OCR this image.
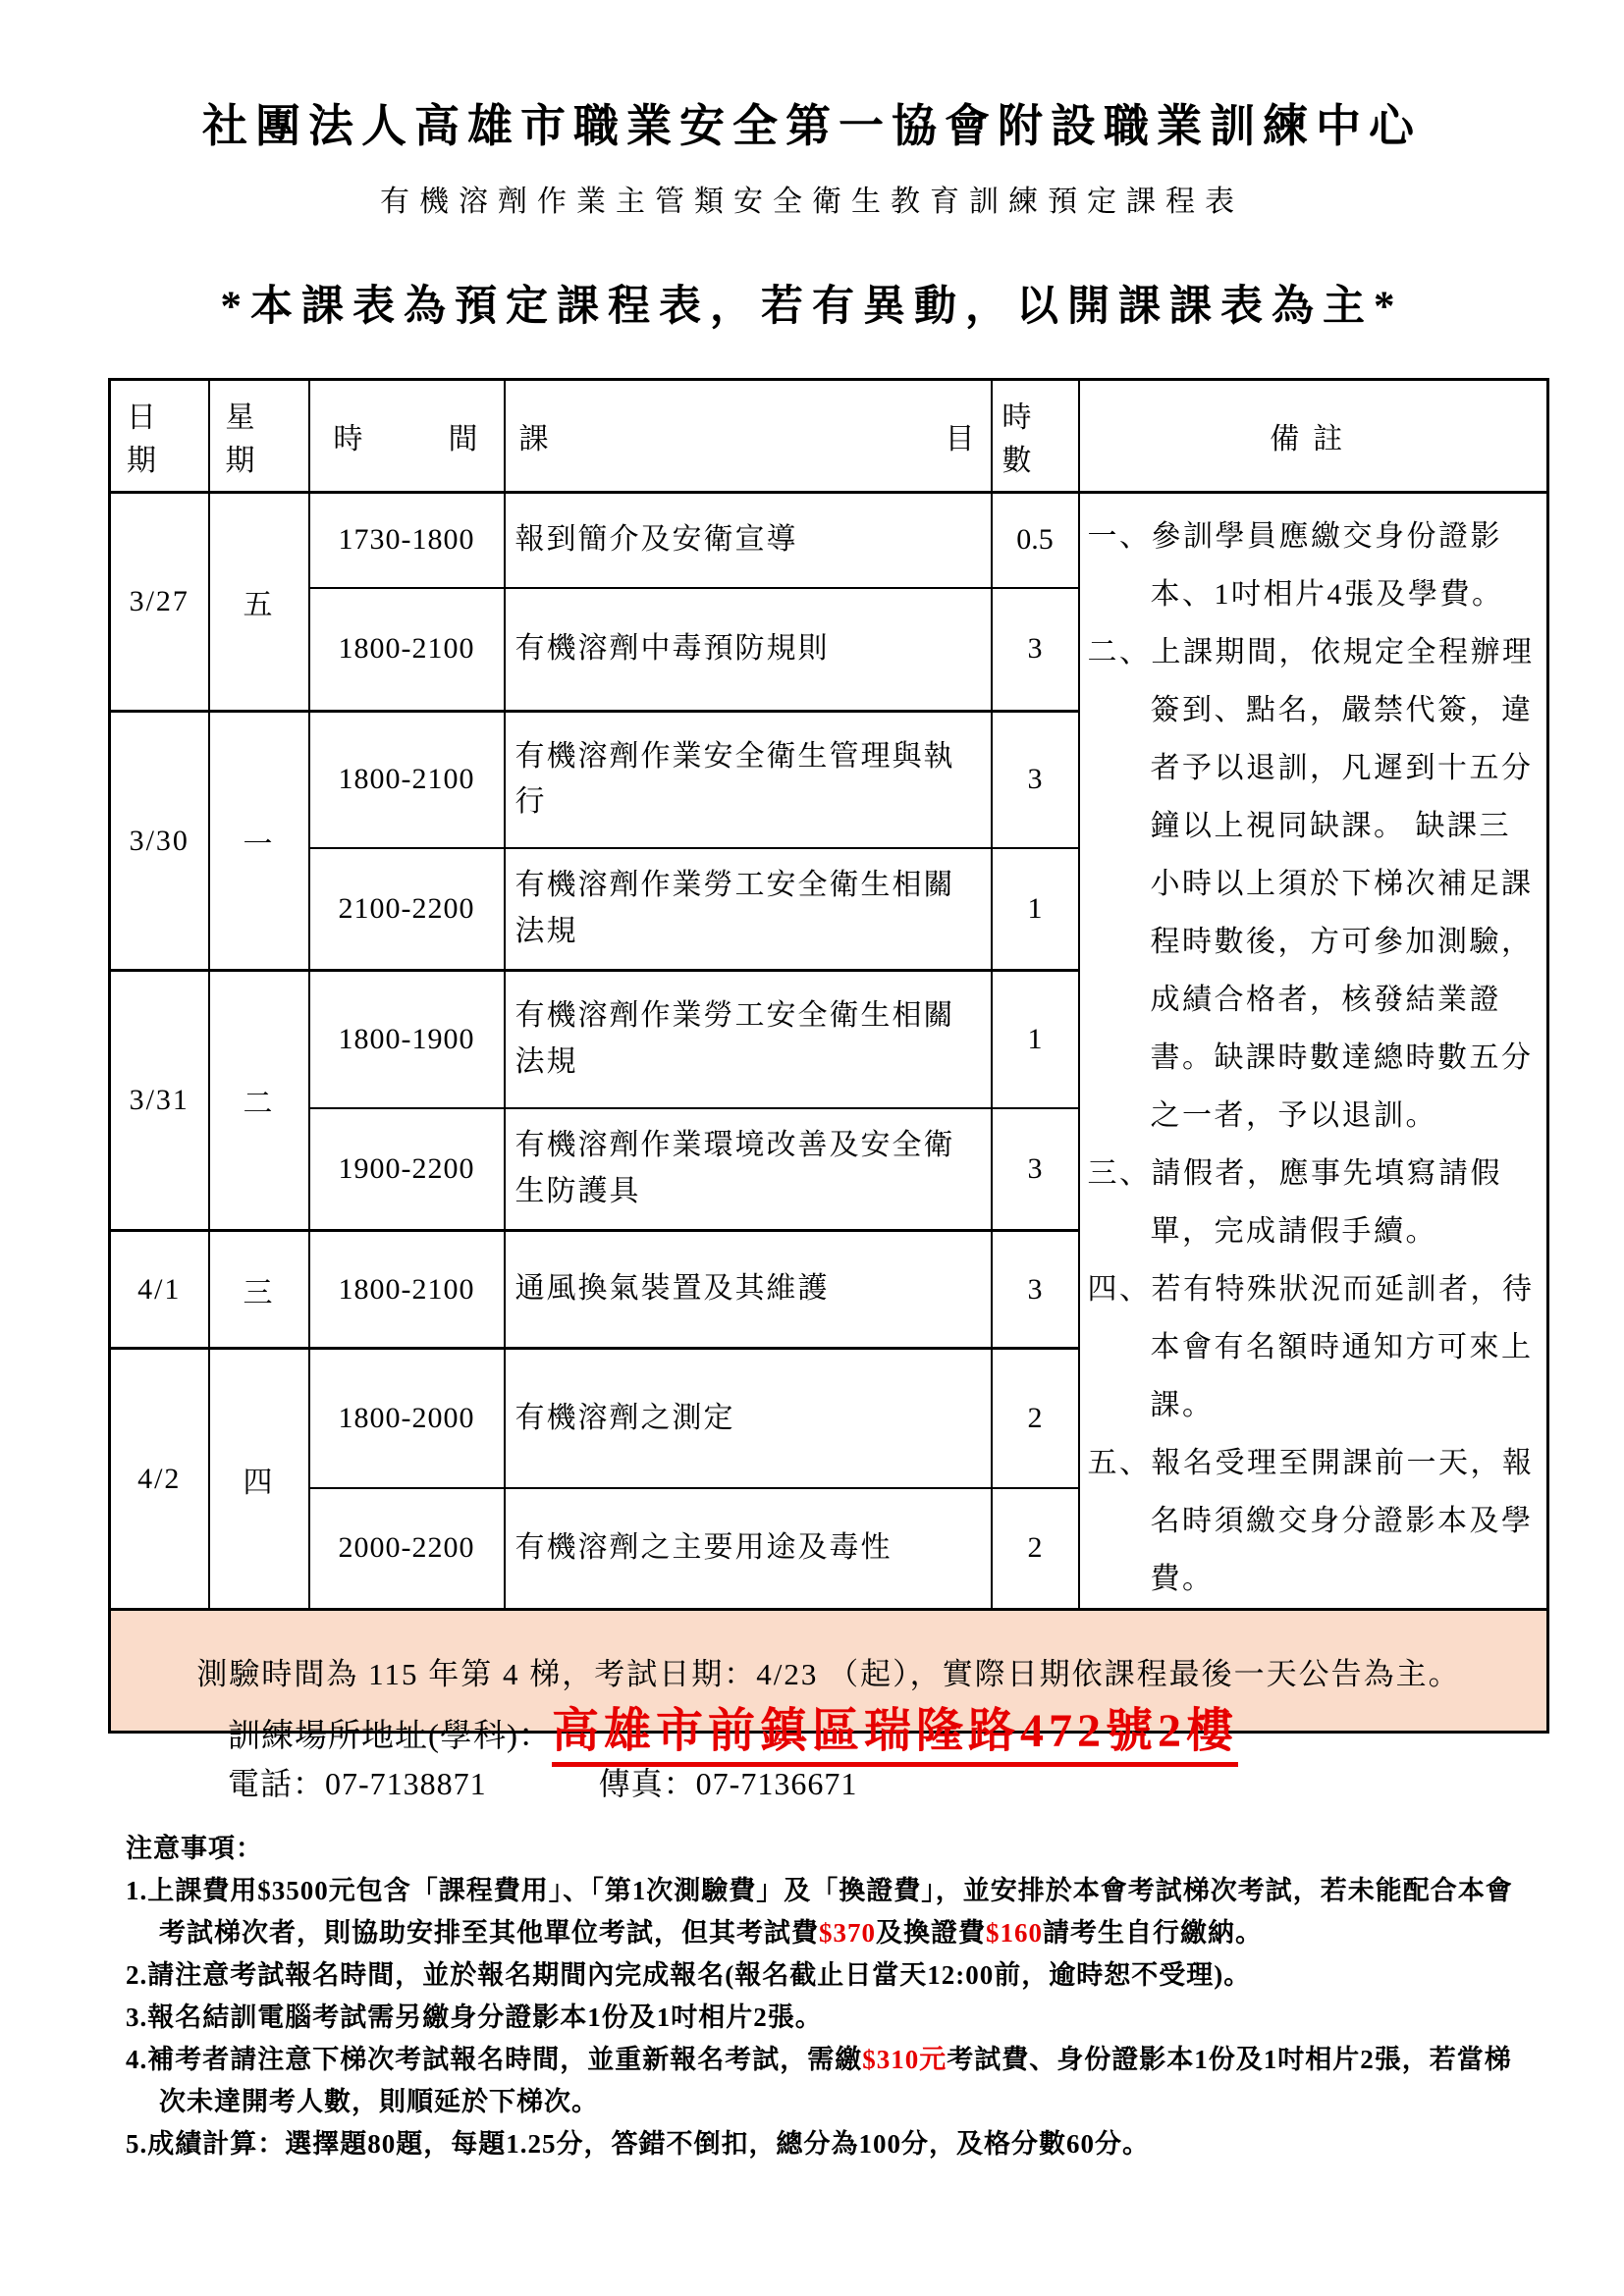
社團法人高雄市職業安全第一協會附設職業訓練中心
有機溶劑作業主管類安全衛生教育訓練預定課程表
*本課表為預定課程表，若有異動，以開課課表為主*
日 期	星 期	時 間	課 目	時 數	備註
3/27	五	1730-1800	報到簡介及安衛宣導	0.5	一、參訓學員應繳交身份證影本、1吋相片4張及學費。
二、上課期間，依規定全程辦理簽到、點名，嚴禁代簽，違者予以退訓，凡遲到十五分鐘以上視同缺課。 缺課三小時以上須於下梯次補足課程時數後，方可參加測驗，成績合格者，核發結業證書。缺課時數達總時數五分之一者，予以退訓。
三、請假者，應事先填寫請假單，完成請假手續。
四、若有特殊狀況而延訓者，待本會有名額時通知方可來上課。
五、報名受理至開課前一天，報名時須繳交身分證影本及學費。

		1800-2100	有機溶劑中毒預防規則	3	
3/30	一	1800-2100	有機溶劑作業安全衛生管理與執行	3	
		2100-2200	有機溶劑作業勞工安全衛生相關法規	1	
3/31	二	1800-1900	有機溶劑作業勞工安全衛生相關法規	1	
		1900-2200	有機溶劑作業環境改善及安全衛生防護具	3	
4/1	三	1800-2100	通風換氣裝置及其維護	3	
4/2	四	1800-2000	有機溶劑之測定	2	
		2000-2200	有機溶劑之主要用途及毒性	2	
測驗時間為 115 年第 4 梯，考試日期：4/23 （起），實際日期依課程最後一天公告為主。					
訓練場所地址(學科)： 高雄市前鎮區瑞隆路472號2樓
電話：07-7138871	傳真：07-7136671
注意事項：
1.上課費用$3500元包含「課程費用」、「第1次測驗費」及「換證費」，並安排於本會考試梯次考試，若未能配合本會考試梯次者，則協助安排至其他單位考試，但其考試費$370及換證費$160請考生自行繳納。
2.請注意考試報名時間，並於報名期間內完成報名(報名截止日當天12:00前，逾時恕不受理)。
3.報名結訓電腦考試需另繳身分證影本1份及1吋相片2張。
4.補考者請注意下梯次考試報名時間，並重新報名考試，需繳$310元考試費、身份證影本1份及1吋相片2張，若當梯次未達開考人數，則順延於下梯次。
5.成績計算：選擇題80題，每題1.25分，答錯不倒扣，總分為100分，及格分數60分。
